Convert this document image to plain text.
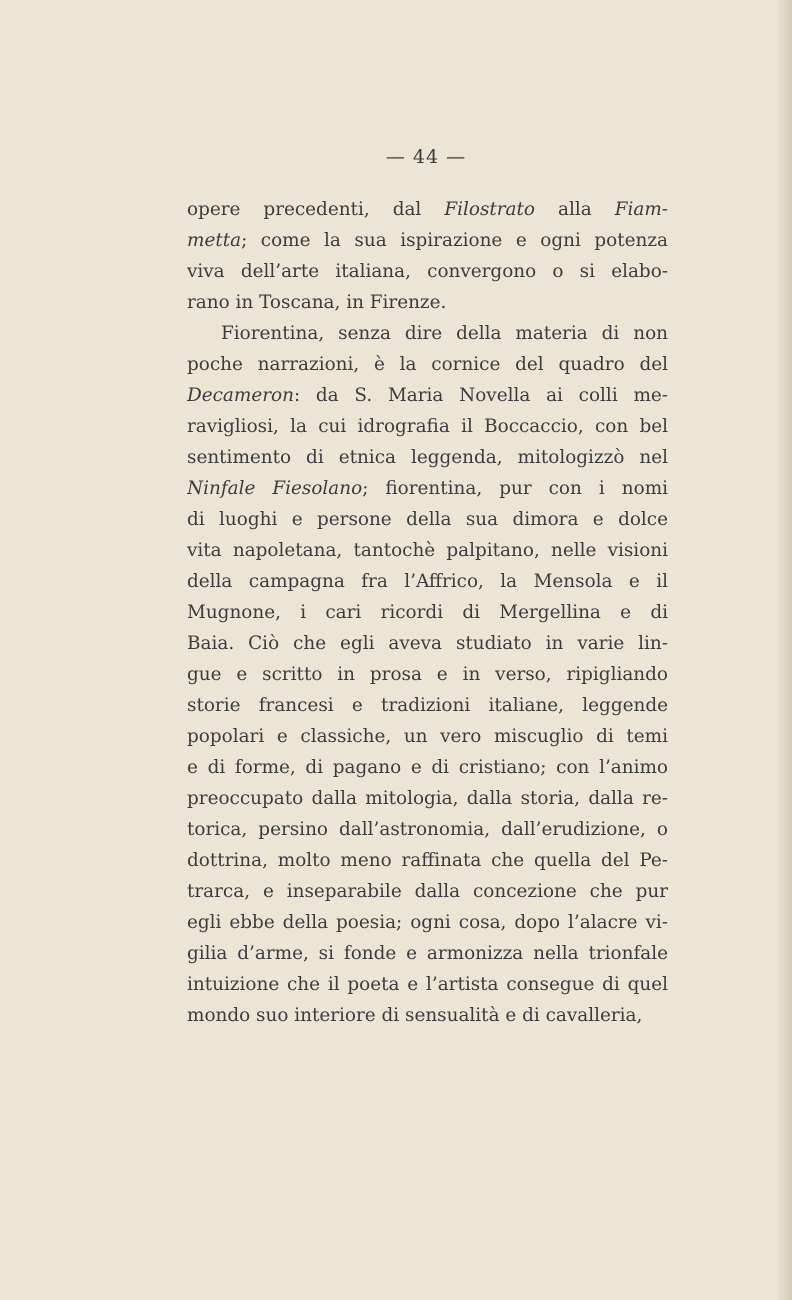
— 44 —
opere precedenti, dal Filostrato alla Fiam-
metta; come la sua ispirazione e ogni potenza
viva dell’arte italiana, convergono o si elabo-
rano in Toscana, in Firenze.
Fiorentina, senza dire della materia di non
poche narrazioni, è la cornice del quadro del
Decameron: da S. Maria Novella ai colli me-
ravigliosi, la cui idrografia il Boccaccio, con bel
sentimento di etnica leggenda, mitologizzò nel
Ninfale Fiesolano; fiorentina, pur con i nomi
di luoghi e persone della sua dimora e dolce
vita napoletana, tantochè palpitano, nelle visioni
della campagna fra l’Affrico, la Mensola e il
Mugnone, i cari ricordi di Mergellina e di
Baia. Ciò che egli aveva studiato in varie lin-
gue e scritto in prosa e in verso, ripigliando
storie francesi e tradizioni italiane, leggende
popolari e classiche, un vero miscuglio di temi
e di forme, di pagano e di cristiano; con l’animo
preoccupato dalla mitologia, dalla storia, dalla re-
torica, persino dall’astronomia, dall’erudizione, o
dottrina, molto meno raffinata che quella del Pe-
trarca, e inseparabile dalla concezione che pur
egli ebbe della poesia; ogni cosa, dopo l’alacre vi-
gilia d’arme, si fonde e armonizza nella trionfale
intuizione che il poeta e l’artista consegue di quel
mondo suo interiore di sensualità e di cavalleria,
